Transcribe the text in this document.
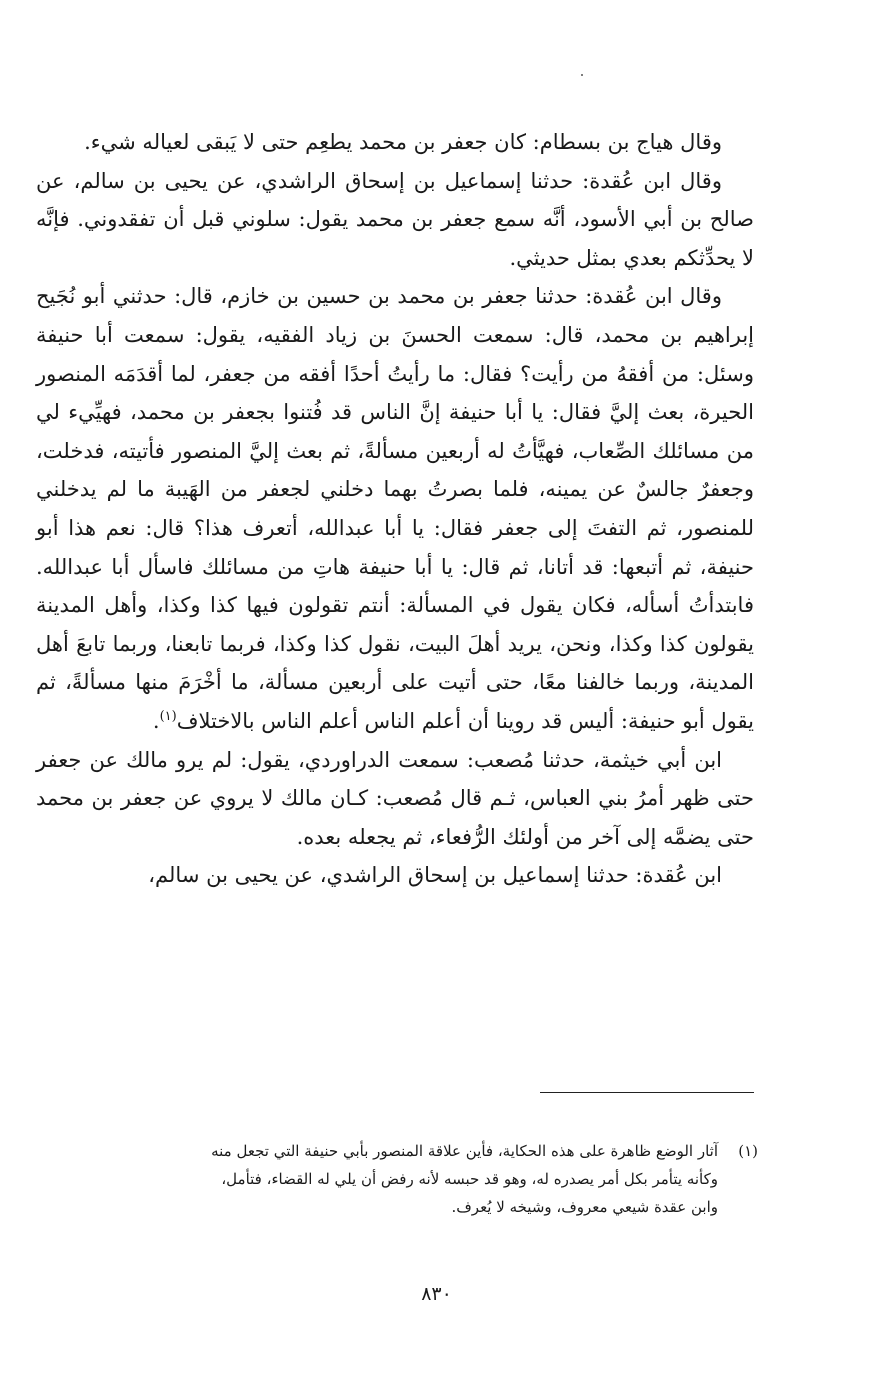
وقال هياج بن بسطام: كان جعفر بن محمد يطعِم حتى لا يَبقى لعياله شيء.

وقال ابن عُقدة: حدثنا إسماعيل بن إسحاق الراشدي، عن يحيى بن سالم، عن صالح بن أبي الأسود، أنَّه سمع جعفر بن محمد يقول: سلوني قبل أن تفقدوني. فإنَّه لا يحدِّثكم بعدي بمثل حديثي.

وقال ابن عُقدة: حدثنا جعفر بن محمد بن حسين بن خازم، قال: حدثني أبو نُجَيح إبراهيم بن محمد، قال: سمعت الحسنَ بن زياد الفقيه، يقول: سمعت أبا حنيفة وسئل: من أفقهُ من رأيت؟ فقال: ما رأيتُ أحدًا أفقه من جعفر، لما أقدَمَه المنصور الحيرة، بعث إليَّ فقال: يا أبا حنيفة إنَّ الناس قد فُتنوا بجعفر بن محمد، فهيِّيء لي من مسائلك الصِّعاب، فهيَّأتُ له أربعين مسألةً، ثم بعث إليَّ المنصور فأتيته، فدخلت، وجعفرٌ جالسٌ عن يمينه، فلما بصرتُ بهما دخلني لجعفر من الهَيبة ما لم يدخلني للمنصور، ثم التفتَ إلى جعفر فقال: يا أبا عبدالله، أتعرف هذا؟ قال: نعم هذا أبو حنيفة، ثم أتبعها: قد أتانا، ثم قال: يا أبا حنيفة هاتِ من مسائلك فاسأل أبا عبدالله. فابتدأتُ أسأله، فكان يقول في المسألة: أنتم تقولون فيها كذا وكذا، وأهل المدينة يقولون كذا وكذا، ونحن، يريد أهلَ البيت، نقول كذا وكذا، فربما تابعنا، وربما تابعَ أهل المدينة، وربما خالفنا معًا، حتى أتيت على أربعين مسألة، ما أخْرَمَ منها مسألةً، ثم يقول أبو حنيفة: أليس قد روينا أن أعلم الناس أعلم الناس بالاختلاف$^{(١)}$.

ابن أبي خيثمة، حدثنا مُصعب: سمعت الدراوردي، يقول: لم يرو مالك عن جعفر حتى ظهر أمرُ بني العباس، ثـم قال مُصعب: كـان مالك لا يروي عن جعفر بن محمد حتى يضمَّه إلى آخر من أولئك الرُّفعاء، ثم يجعله بعده.

ابن عُقدة: حدثنا إسماعيل بن إسحاق الراشدي، عن يحيى بن سالم،

(١)آثار الوضع ظاهرة على هذه الحكاية، فأين علاقة المنصور بأبي حنيفة التي تجعل منه
وكأنه يتأمر بكل أمر يصدره له، وهو قد حبسه لأنه رفض أن يلي له القضاء، فتأمل،
وابن عقدة شيعي معروف، وشيخه لا يُعرف.
٨٣٠
